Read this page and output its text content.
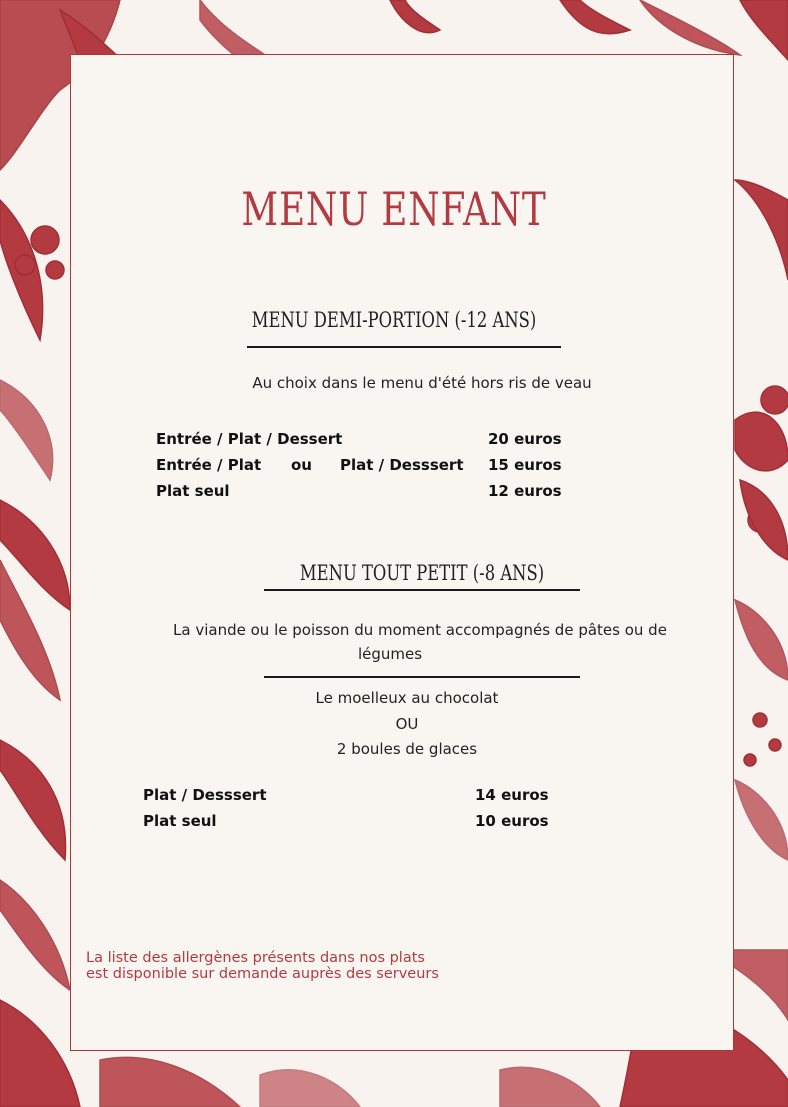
MENU ENFANT
MENU DEMI-PORTION (-12 ANS)
Au choix dans le menu d'été hors ris de veau
Entrée / Plat / Dessert	20 euros
Entrée / Plat ou Plat / Desssert 15 euros
Plat seul	12 euros
MENU TOUT PETIT (-8 ANS)
La viande ou le poisson du moment accompagnés de pâtes ou de
légumes
Le moelleux au chocolat
OU
2 boules de glaces
Plat / Desssert	14 euros
Plat seul	10 euros
La liste des allergènes présents dans nos plats
est disponible sur demande auprès des serveurs
